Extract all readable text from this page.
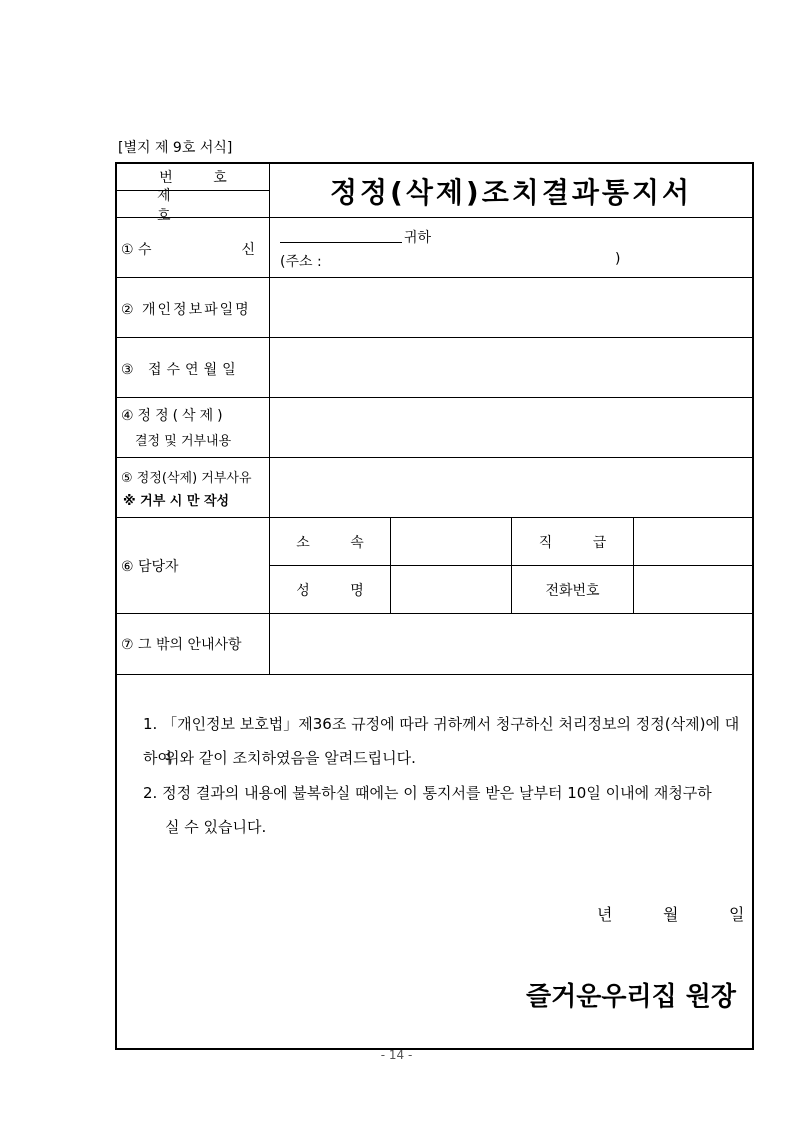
[별지 제 9호 서식]
번 호
제 호
정정(삭제)조치결과통지서
① 수	신
귀하
(주소 :	)
② 개인정보파일명
③ 접수연월일
④정정(삭제)
결정 및 거부내용
⑤ 정정(삭제) 거부사유
※ 거부 시 만 작성
⑥ 담당자
소 속	직 급
성 명	전화번호
⑦ 그 밖의 안내사항
1. 「개인정보 보호법」제36조 규정에 따라 귀하께서 청구하신 처리정보의 정정(삭제)에 대하여
위와 같이 조치하였음을 알려드립니다.
2. 정정 결과의 내용에 불복하실 때에는 이 통지서를 받은 날부터 10일 이내에 재청구하
실 수 있습니다.
년	월	일
즐거운우리집 원장
- 14 -
